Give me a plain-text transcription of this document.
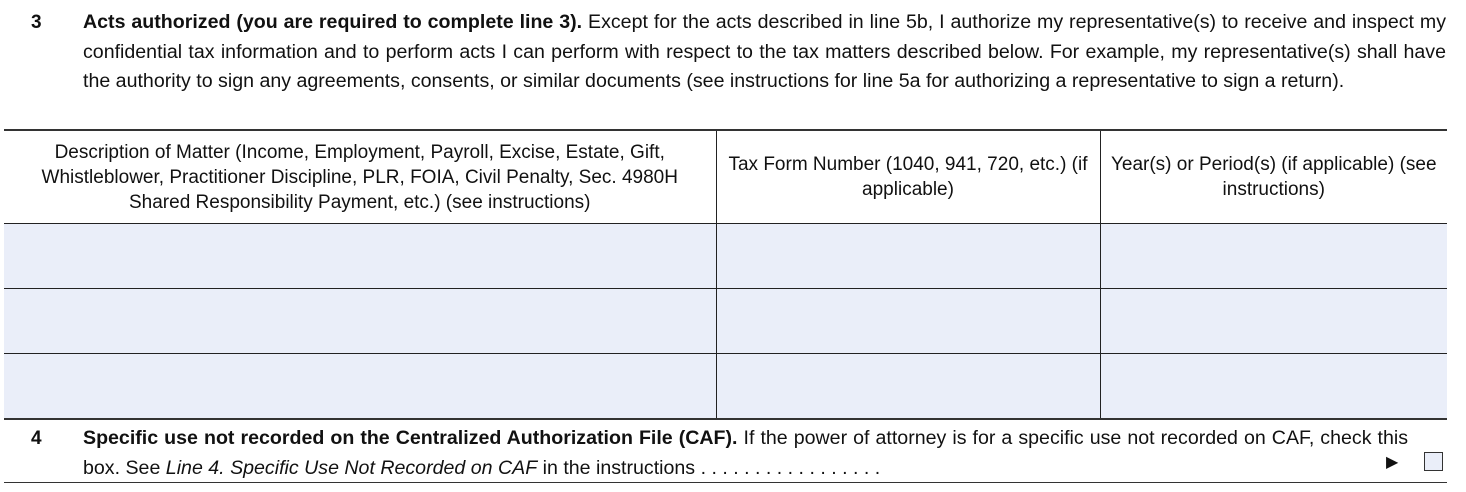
3 Acts authorized (you are required to complete line 3). Except for the acts described in line 5b, I authorize my representative(s) to receive and inspect my confidential tax information and to perform acts I can perform with respect to the tax matters described below. For example, my representative(s) shall have the authority to sign any agreements, consents, or similar documents (see instructions for line 5a for authorizing a representative to sign a return).
Description of Matter (Income, Employment, Payroll, Excise, Estate, Gift, Whistleblower, Practitioner Discipline, PLR, FOIA, Civil Penalty, Sec. 4980H Shared Responsibility Payment, etc.) (see instructions)	Tax Form Number (1040, 941, 720, etc.) (if applicable)	Year(s) or Period(s) (if applicable) (see instructions)

4 Specific use not recorded on the Centralized Authorization File (CAF). If the power of attorney is for a specific use not recorded on CAF, check this box. See Line 4. Specific Use Not Recorded on CAF in the instructions . . . . . . . . . . . . . . . . .	▶
